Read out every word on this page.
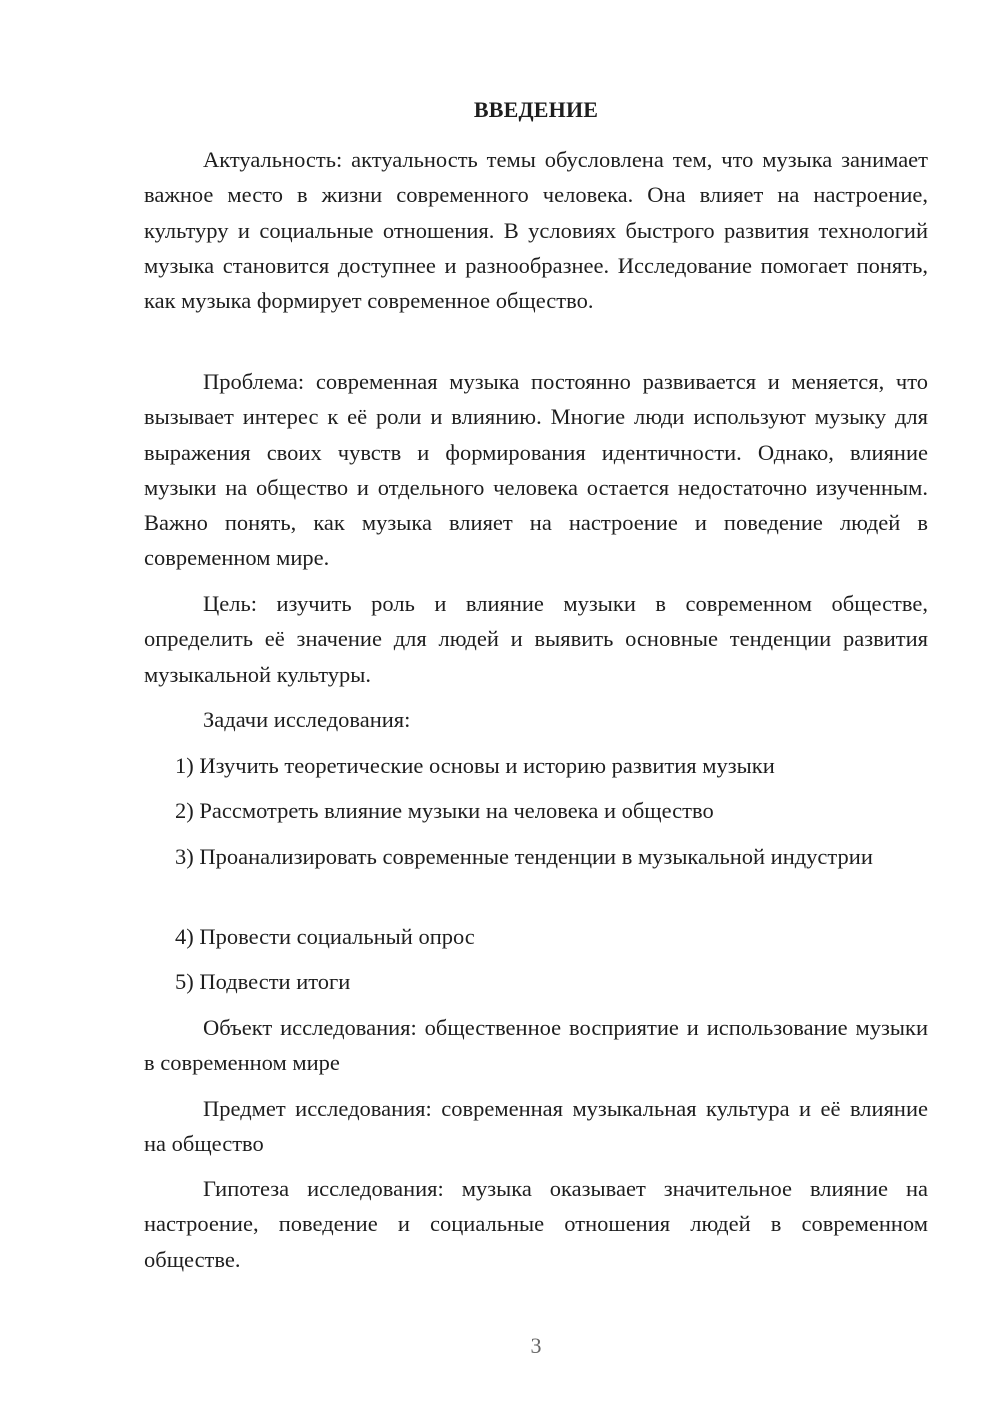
ВВЕДЕНИЕ

Актуальность: актуальность темы обусловлена тем, что музыка занимает важное место в жизни современного человека. Она влияет на настроение, культуру и социальные отношения. В условиях быстрого развития технологий музыка становится доступнее и разнообразнее. Исследование помогает понять, как музыка формирует современное общество.

Проблема: современная музыка постоянно развивается и меняется, что вызывает интерес к её роли и влиянию. Многие люди используют музыку для выражения своих чувств и формирования идентичности. Однако, влияние музыки на общество и отдельного человека остается недостаточно изученным. Важно понять, как музыка влияет на настроение и поведение людей в современном мире.

Цель: изучить роль и влияние музыки в современном обществе, определить её значение для людей и выявить основные тенденции развития музыкальной культуры.

Задачи исследования:

1) Изучить теоретические основы и историю развития музыки

2) Рассмотреть влияние музыки на человека и общество

3) Проанализировать современные тенденции в музыкальной индустрии

4) Провести социальный опрос

5) Подвести итоги

Объект исследования: общественное восприятие и использование музыки в современном мире

Предмет исследования: современная музыкальная культура и её влияние на общество

Гипотеза исследования: музыка оказывает значительное влияние на настроение, поведение и социальные отношения людей в современном обществе.

3
